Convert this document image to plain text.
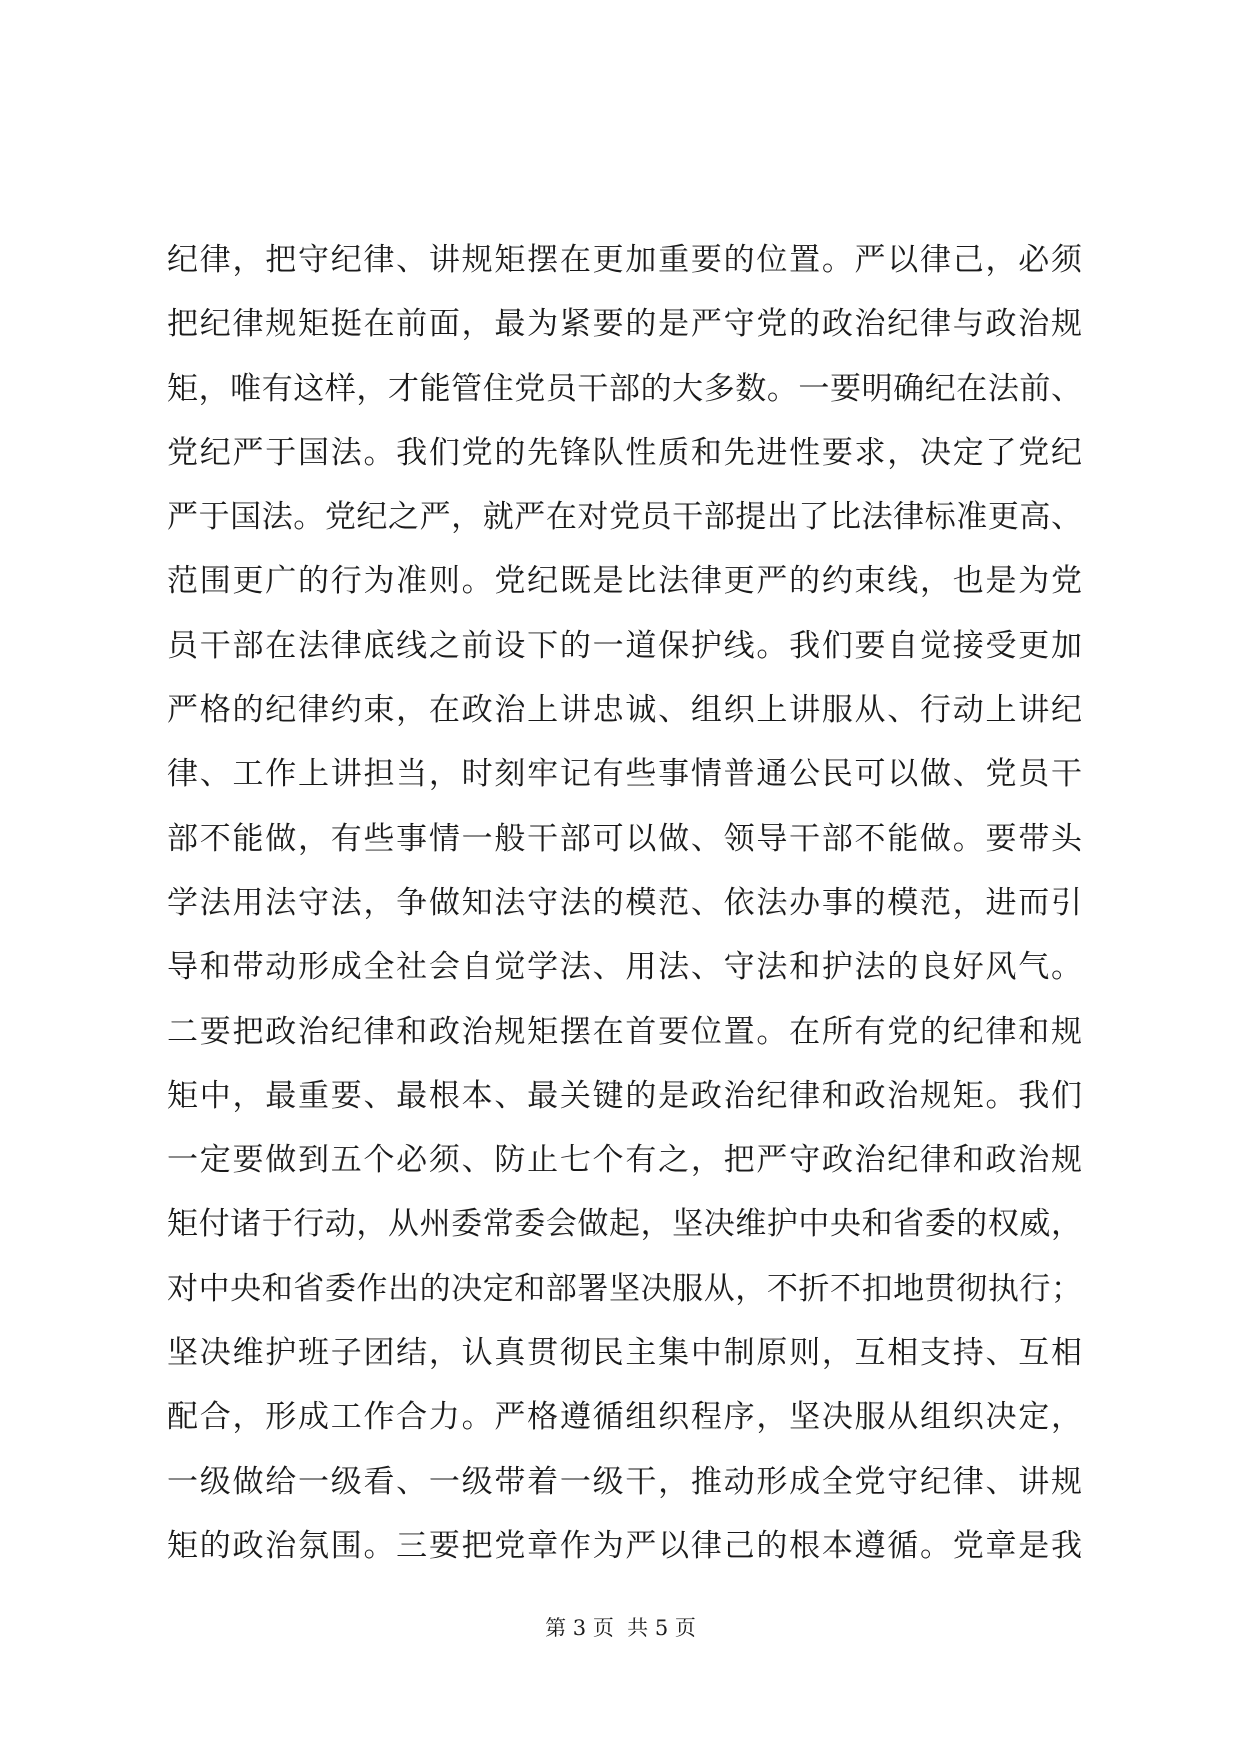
纪律，把守纪律、讲规矩摆在更加重要的位置。严以律己，必须
把纪律规矩挺在前面，最为紧要的是严守党的政治纪律与政治规
矩，唯有这样，才能管住党员干部的大多数。一要明确纪在法前、
党纪严于国法。我们党的先锋队性质和先进性要求，决定了党纪
严于国法。党纪之严，就严在对党员干部提出了比法律标准更高、
范围更广的行为准则。党纪既是比法律更严的约束线，也是为党
员干部在法律底线之前设下的一道保护线。我们要自觉接受更加
严格的纪律约束，在政治上讲忠诚、组织上讲服从、行动上讲纪
律、工作上讲担当，时刻牢记有些事情普通公民可以做、党员干
部不能做，有些事情一般干部可以做、领导干部不能做。要带头
学法用法守法，争做知法守法的模范、依法办事的模范，进而引
导和带动形成全社会自觉学法、用法、守法和护法的良好风气。
二要把政治纪律和政治规矩摆在首要位置。在所有党的纪律和规
矩中，最重要、最根本、最关键的是政治纪律和政治规矩。我们
一定要做到五个必须、防止七个有之，把严守政治纪律和政治规
矩付诸于行动，从州委常委会做起，坚决维护中央和省委的权威，
对中央和省委作出的决定和部署坚决服从，不折不扣地贯彻执行；
坚决维护班子团结，认真贯彻民主集中制原则，互相支持、互相
配合，形成工作合力。严格遵循组织程序，坚决服从组织决定，
一级做给一级看、一级带着一级干，推动形成全党守纪律、讲规
矩的政治氛围。三要把党章作为严以律己的根本遵循。党章是我
第 3 页  共 5 页
